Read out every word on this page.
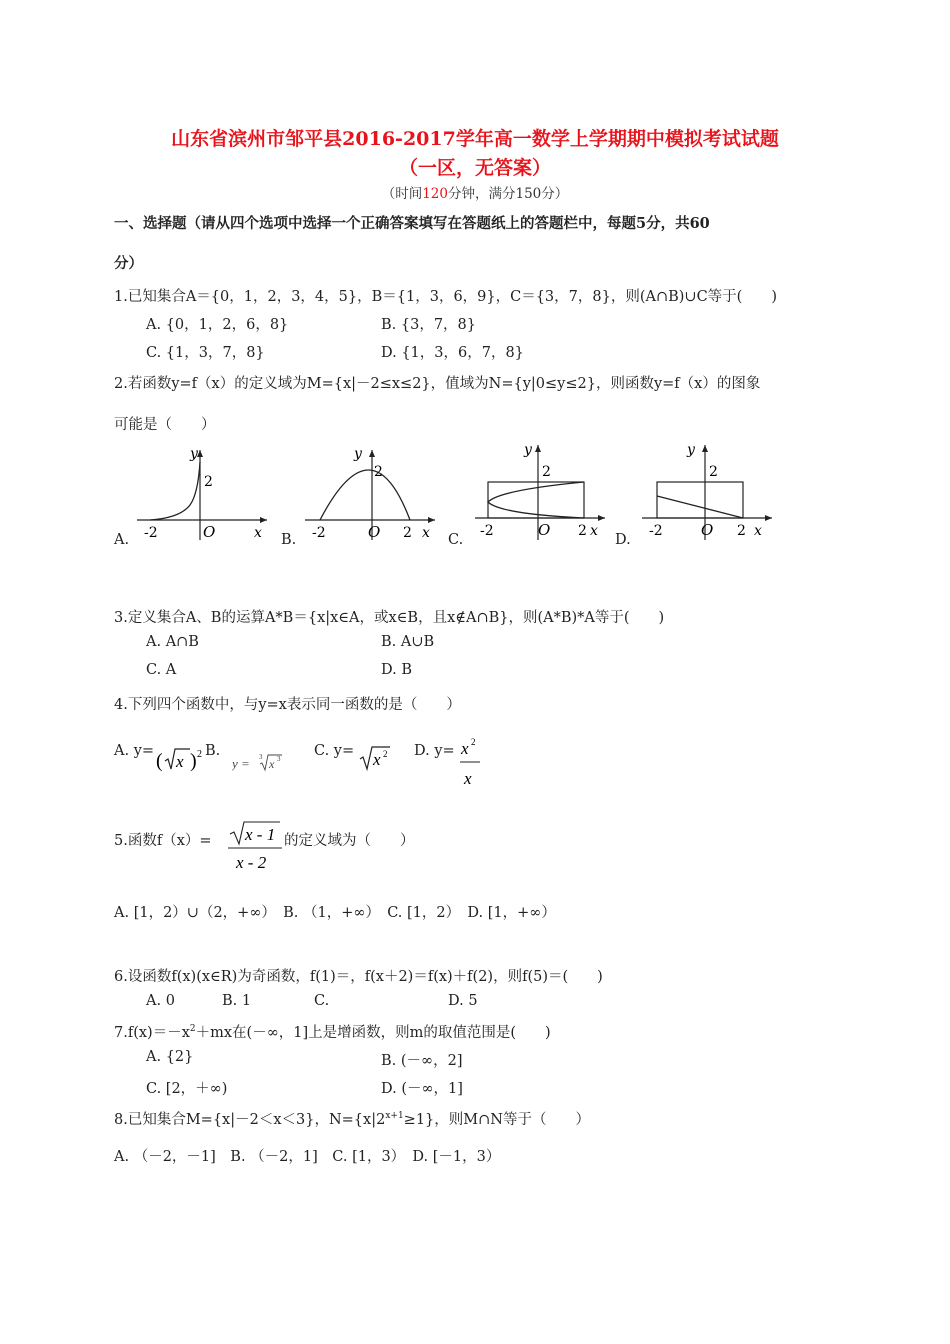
山东省滨州市邹平县2016-2017学年高一数学上学期期中模拟考试试题
（一区，无答案）
（时间120分钟，满分150分）
一、选择题（请从四个选项中选择一个正确答案填写在答题纸上的答题栏中，每题5分，共60
分）
1.已知集合A＝{0，1，2，3，4，5}，B＝{1，3，6，9}，C＝{3，7，8}，则(A∩B)∪C等于(　　)
A. {0，1，2，6，8}	B. {3，7，8}
C. {1，3，7，8}	D. {1，3，6，7，8}
2.若函数y=f（x）的定义域为M={x|－2≤x≤2}，值域为N={y|0≤y≤2}，则函数y=f（x）的图象
可能是（　　）
A.	B.	C.	D.
y
2
-2	O	x
y
2
-2	O 2 x
y
2
-2	O 2 x
y
2
-2	O 2 x
3.定义集合A、B的运算A*B＝{x|x∈A，或x∈B，且x∉A∩B}，则(A*B)*A等于(　　)
A. A∩B	B. A∪B
C. A	D. B
4.下列四个函数中，与y=x表示同一函数的是（　　）
A. y= ( x ) 2 B.
y = 3 x 3 C. y= x 2 D. y= x 2
x
5.函数f（x）= x - 1
x - 2
的定义域为（　　）
A. [1，2）∪（2，+∞）　B. （1，+∞）　C. [1，2）　D. [1，+∞）
6.设函数f(x)(x∈R)为奇函数，f(1)＝，f(x＋2)＝f(x)＋f(2)，则f(5)＝(　　)
A. 0	B. 1	C.	D. 5
$7.f(x)=-x^2+mx$在(－∞，1]上是增函数，则m的取值范围是(　　)
A. {2}	B. (－∞，2]
C. [2，＋∞)	D. (－∞，1]
8.已知集合M={x|－2＜x＜3}，$N=\{x|2^{x+1}\ge 1\}$，则M∩N等于（　　）
A. （－2，－1]　B. （－2，1]　C. [1，3）　D. [－1，3）
